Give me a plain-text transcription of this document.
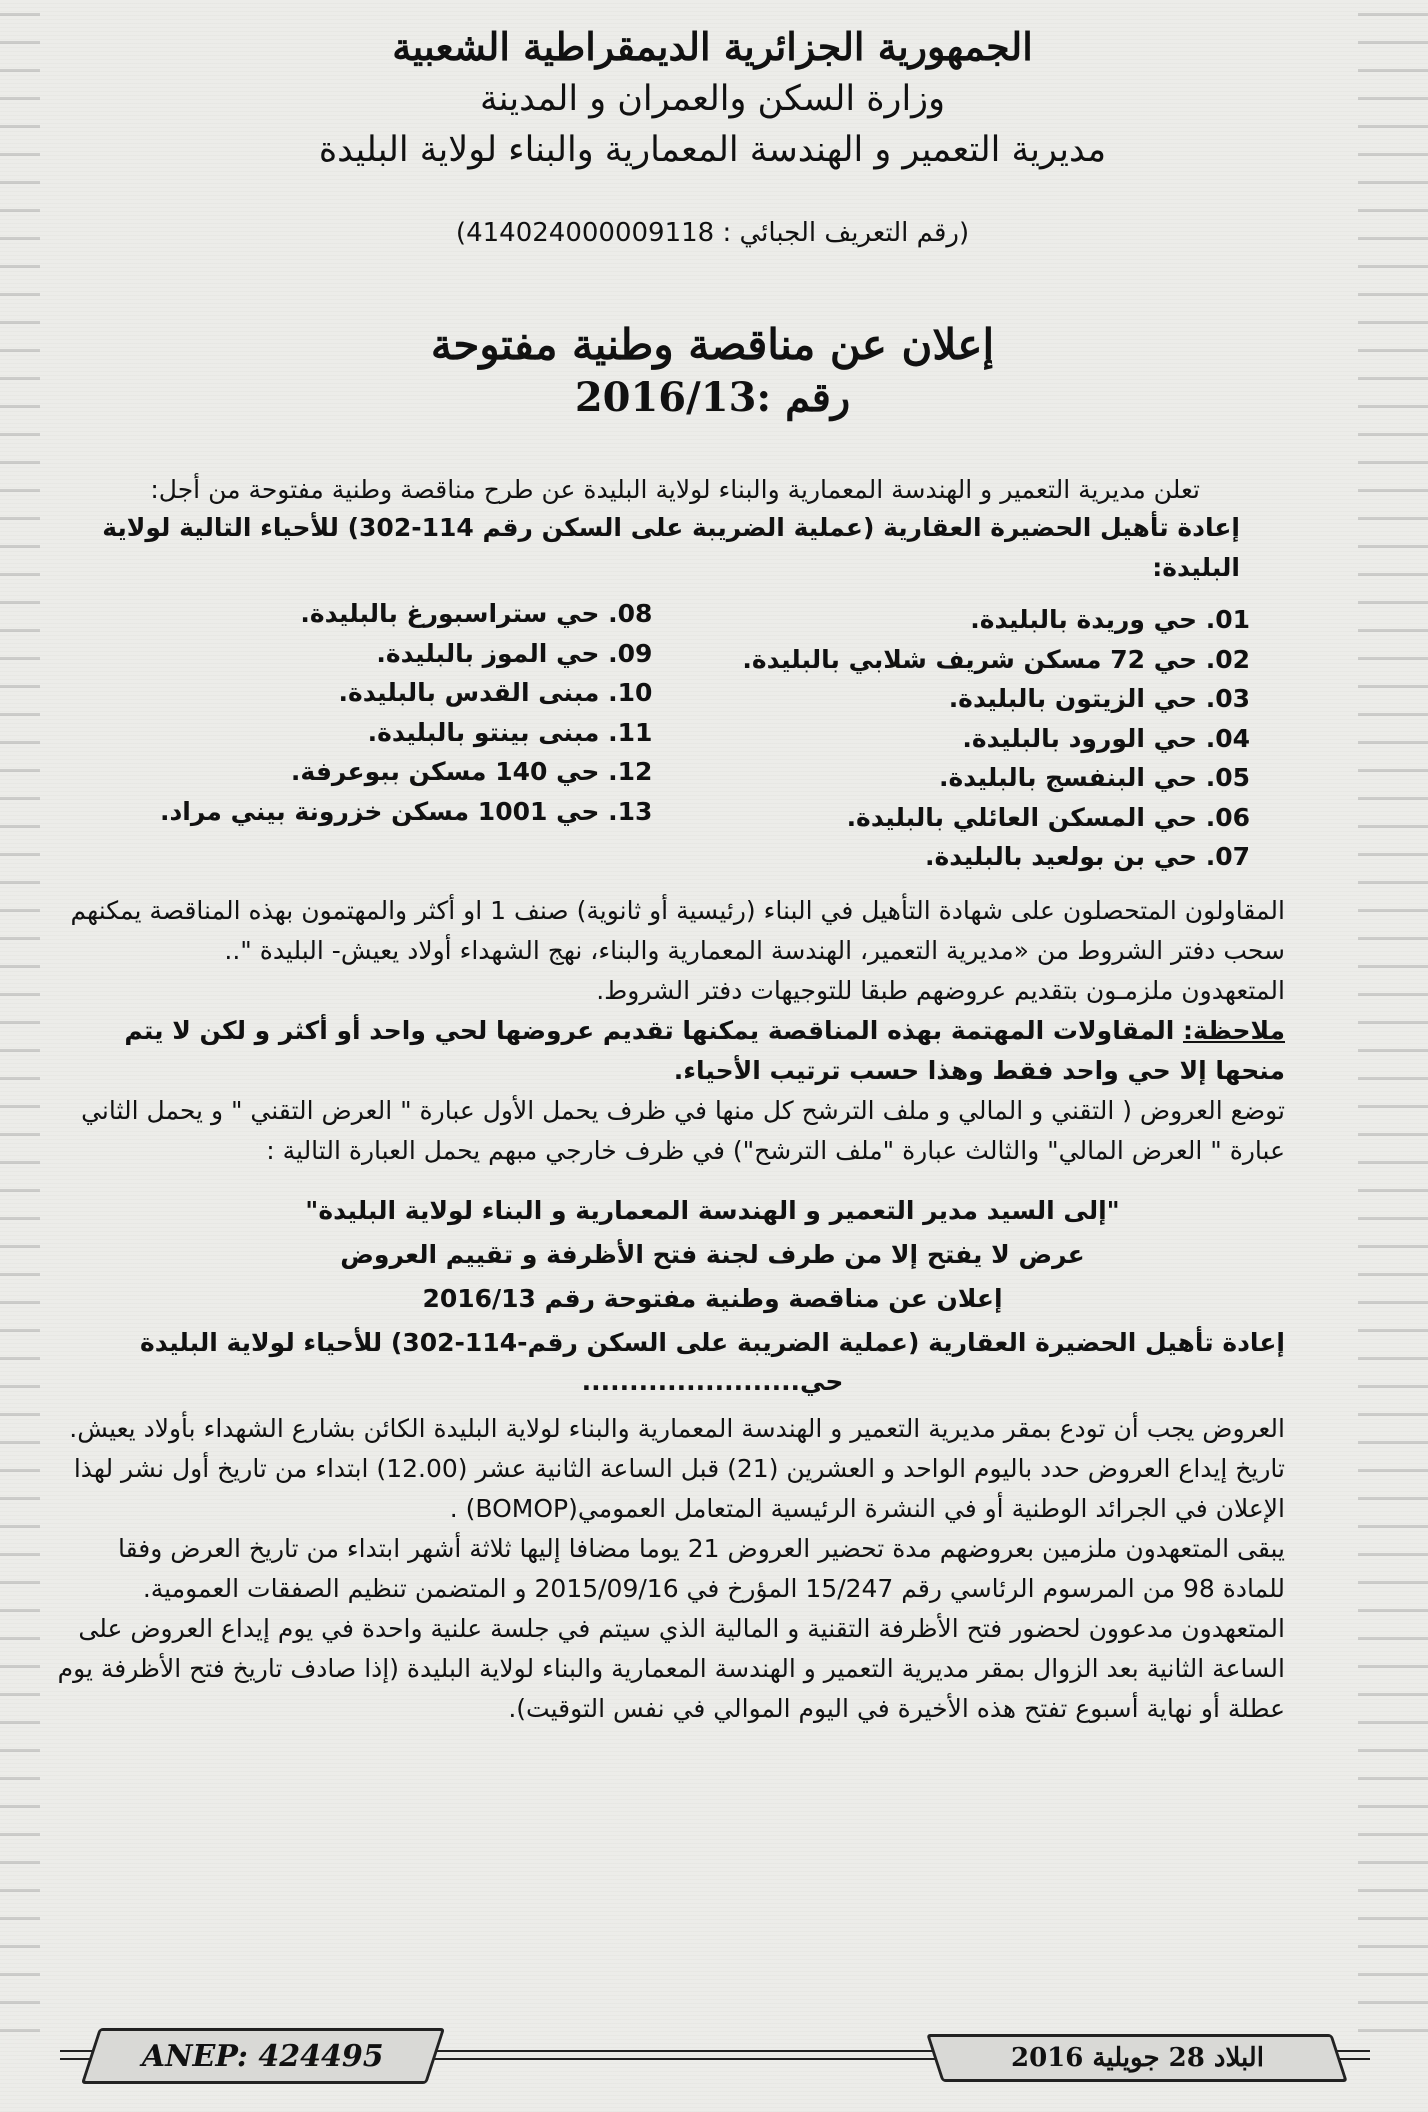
الجمهورية الجزائرية الديمقراطية الشعبية

وزارة السكن والعمران و المدينة

مديرية التعمير و الهندسة المعمارية والبناء لولاية البليدة

(رقم التعريف الجبائي : 414024000009118)
إعلان عن مناقصة وطنية مفتوحة
رقم :2016/13
تعلن مديرية التعمير و الهندسة المعمارية والبناء لولاية البليدة عن طرح مناقصة وطنية مفتوحة من أجل:
إعادة تأهيل الحضيرة العقارية (عملية الضريبة على السكن رقم 114-302) للأحياء التالية لولاية البليدة:
01. حي وريدة بالبليدة.
02. حي 72 مسكن شريف شلابي بالبليدة.
03. حي الزيتون بالبليدة.
04. حي الورود بالبليدة.
05. حي البنفسج بالبليدة.
06. حي المسكن العائلي بالبليدة.
07. حي بن بولعيد بالبليدة.
08. حي ستراسبورغ بالبليدة.
09. حي الموز بالبليدة.
10. مبنى القدس بالبليدة.
11. مبنى بينتو بالبليدة.
12. حي 140 مسكن ببوعرفة.
13. حي 1001 مسكن خزرونة بيني مراد.

المقاولون المتحصلون على شهادة التأهيل في البناء (رئيسية أو ثانوية) صنف 1 او أكثر والمهتمون بهذه المناقصة يمكنهم سحب دفتر الشروط من «مديرية التعمير، الهندسة المعمارية والبناء، نهج الشهداء أولاد يعيش- البليدة "..

المتعهدون ملزمـون بتقديم عروضهم طبقا للتوجيهات دفتر الشروط.

ملاحظة: المقاولات المهتمة بهذه المناقصة يمكنها تقديم عروضها لحي واحد أو أكثر و لكن لا يتم منحها إلا حي واحد فقط وهذا حسب ترتيب الأحياء.

توضع العروض ( التقني و المالي و ملف الترشح كل منها في ظرف يحمل الأول عبارة " العرض التقني " و يحمل الثاني عبارة " العرض المالي" والثالث عبارة "ملف الترشح") في ظرف خارجي مبهم يحمل العبارة التالية :

"إلى السيد مدير التعمير و الهندسة المعمارية و البناء لولاية البليدة"
عرض لا يفتح إلا من طرف لجنة فتح الأظرفة و تقييم العروض
إعلان عن مناقصة وطنية مفتوحة رقم 2016/13
إعادة تأهيل الحضيرة العقارية (عملية الضريبة على السكن رقم-114-302) للأحياء لولاية البليدة
حي.......................

العروض يجب أن تودع بمقر مديرية التعمير و الهندسة المعمارية والبناء لولاية البليدة الكائن بشارع الشهداء بأولاد يعيش.

تاريخ إيداع العروض حدد باليوم الواحد و العشرين (21) قبل الساعة الثانية عشر (12.00) ابتداء من تاريخ أول نشر لهذا الإعلان في الجرائد الوطنية أو في النشرة الرئيسية المتعامل العمومي(BOMOP) .

يبقى المتعهدون ملزمين بعروضهم مدة تحضير العروض 21 يوما مضافا إليها ثلاثة أشهر ابتداء من تاريخ العرض وفقا للمادة 98 من المرسوم الرئاسي رقم 15/247 المؤرخ في 2015/09/16 و المتضمن تنظيم الصفقات العمومية.

المتعهدون مدعوون لحضور فتح الأظرفة التقنية و المالية الذي سيتم في جلسة علنية واحدة في يوم إيداع العروض على الساعة الثانية بعد الزوال بمقر مديرية التعمير و الهندسة المعمارية والبناء لولاية البليدة (إذا صادف تاريخ فتح الأظرفة يوم عطلة أو نهاية أسبوع تفتح هذه الأخيرة في اليوم الموالي في نفس التوقيت).

ANEP: 424495	البلاد 28 جويلية 2016
